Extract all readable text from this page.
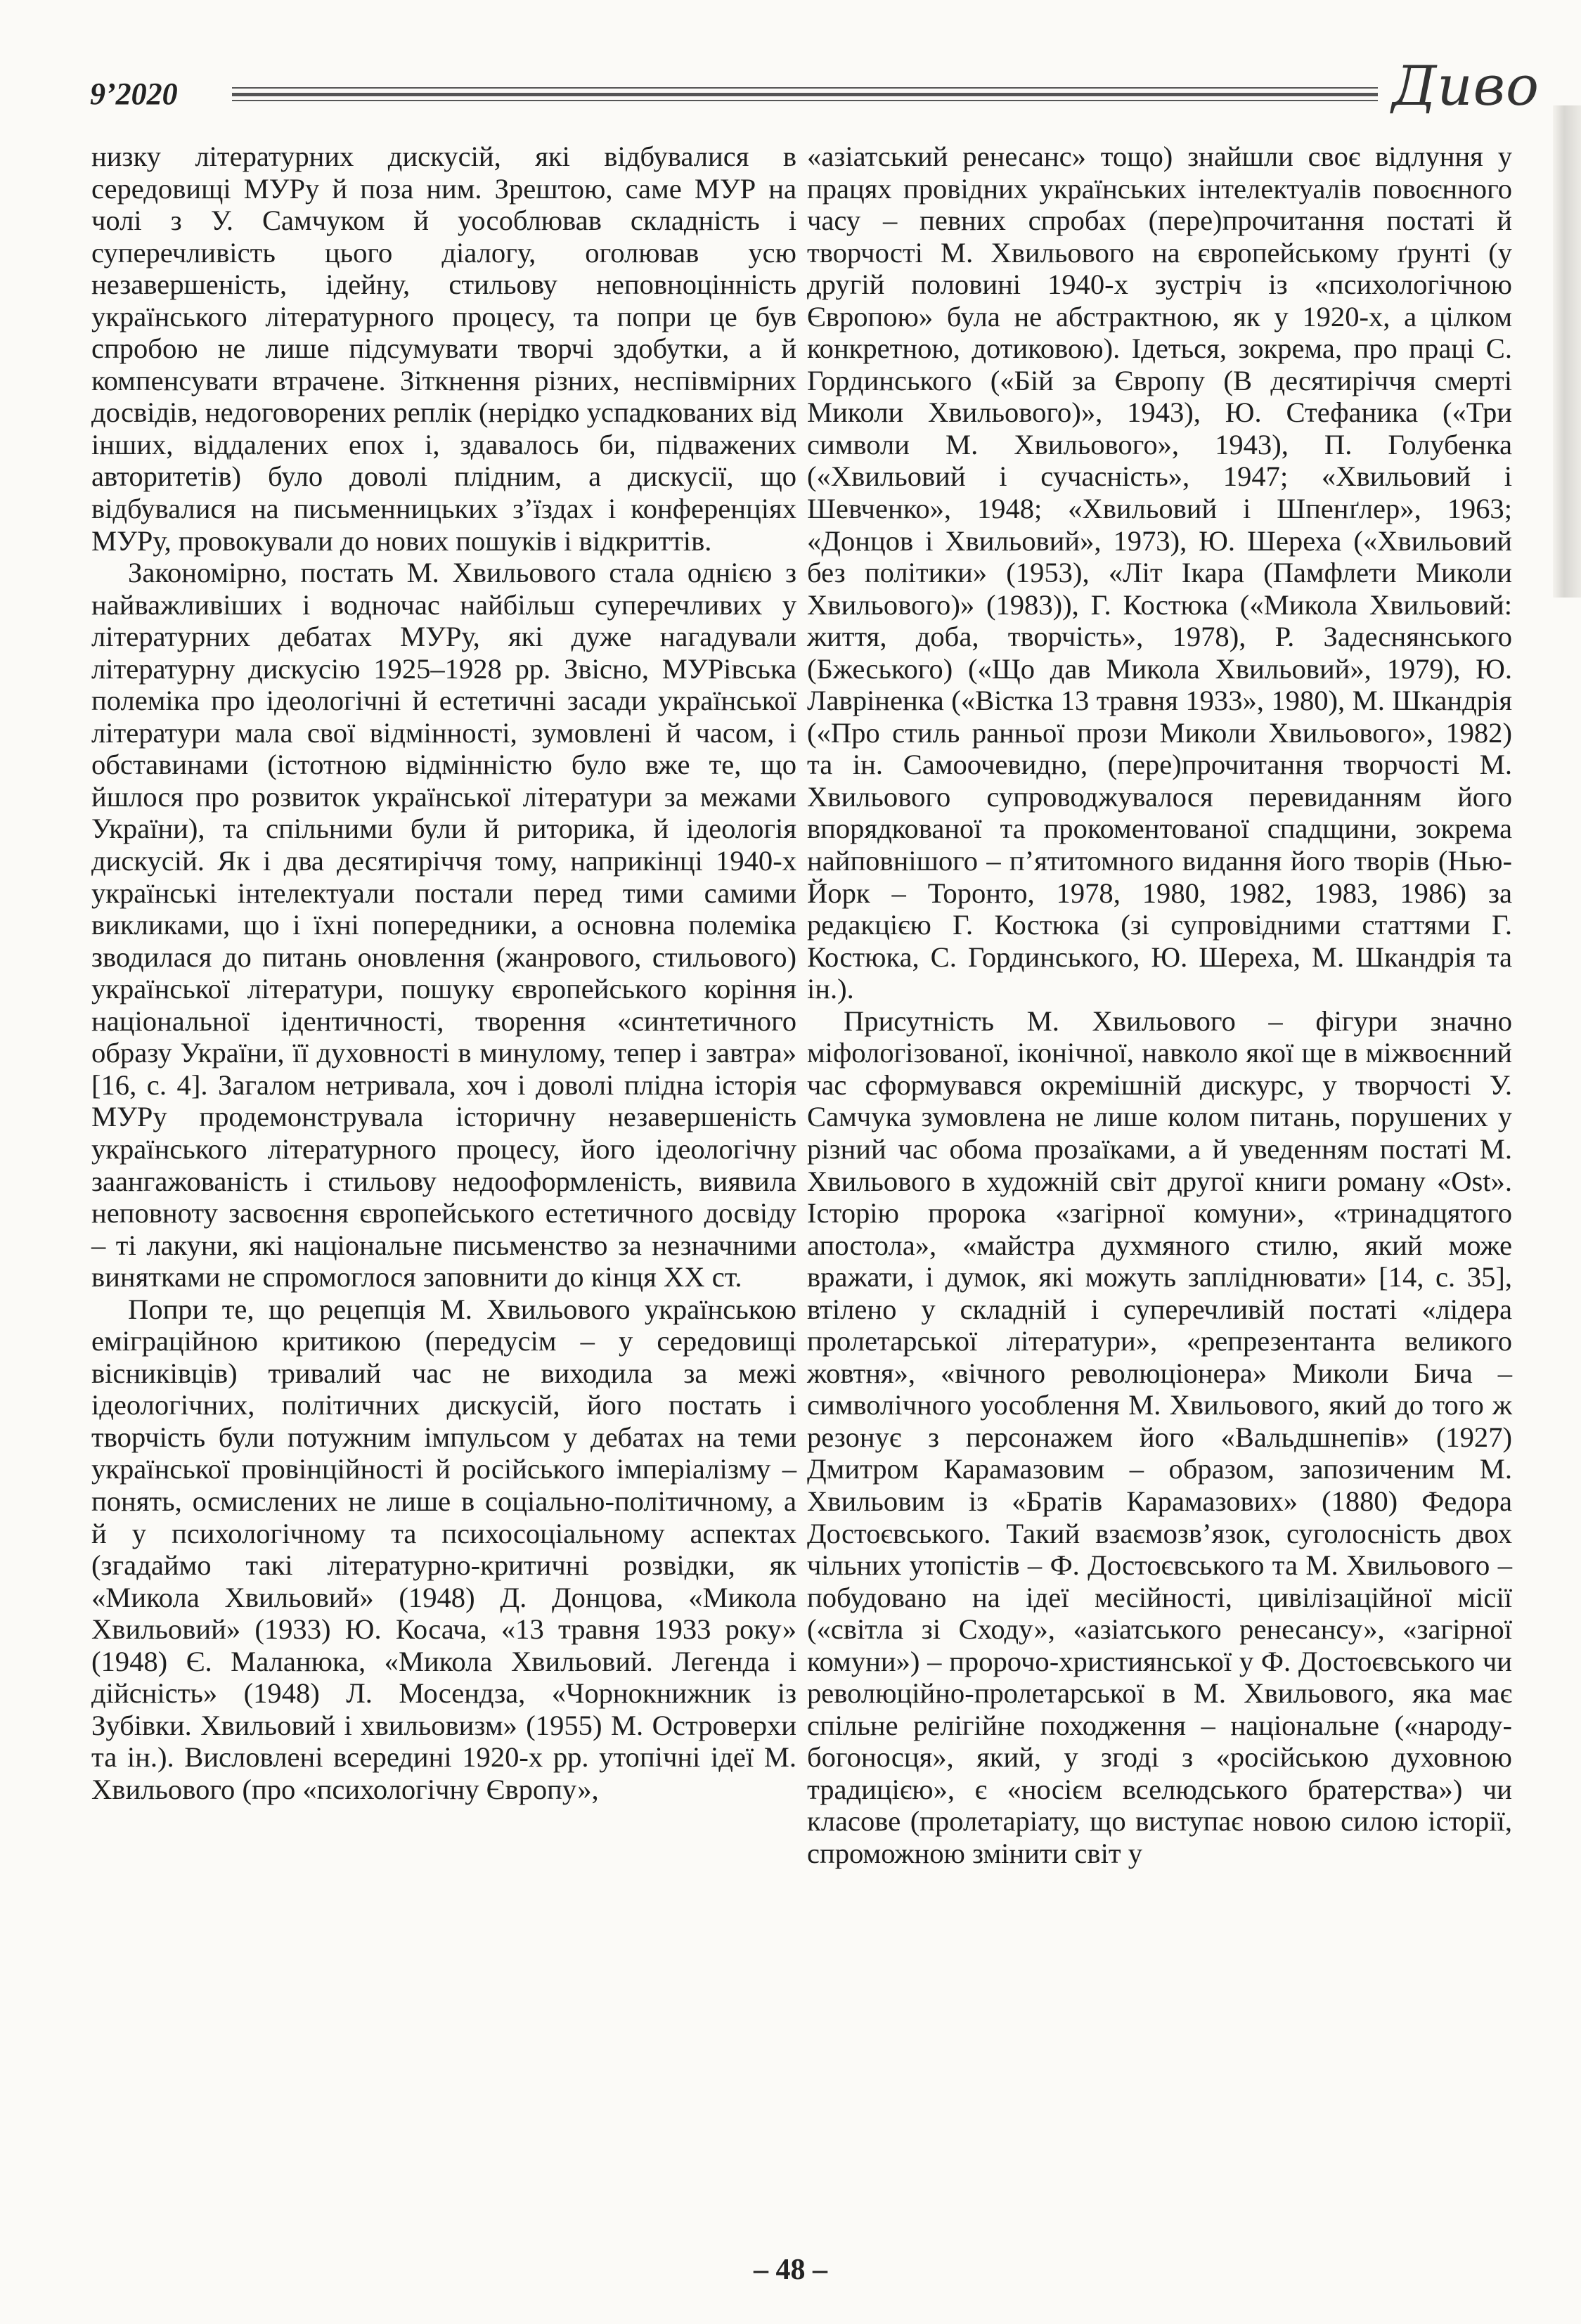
9’2020	Дивo

низку літературних дискусій, які відбувалися в середовищі МУРу й поза ним. Зрештою, саме МУР на чолі з У. Самчуком й уособлював складність і суперечливість цього діалогу, оголював усю незавершеність, ідейну, стильову неповноцінність українського літературного процесу, та попри це був спробою не лише підсумувати творчі здобутки, а й компенсувати втрачене. Зіткнення різних, неспівмірних досвідів, недоговорених реплік (нерідко успадкованих від інших, віддалених епох і, здавалось би, підважених авторитетів) було доволі плідним, а дискусії, що відбувалися на письменницьких з’їздах і конференціях МУРу, провокували до нових пошуків і відкриттів.

Закономірно, постать М. Хвильового стала однією з найважливіших і водночас найбільш суперечливих у літературних дебатах МУРу, які дуже нагадували літературну дискусію 1925–1928 рр. Звісно, МУРівська полеміка про ідеологічні й естетичні засади української літератури мала свої відмінності, зумовлені й часом, і обставинами (істотною відмінністю було вже те, що йшлося про розвиток української літератури за межами України), та спільними були й риторика, й ідеологія дискусій. Як і два десятиріччя тому, наприкінці 1940-х українські інтелектуали постали перед тими самими викликами, що і їхні попередники, а основна полеміка зводилася до питань оновлення (жанрового, стильового) української літератури, пошуку європейського коріння національної ідентичності, творення «синтетичного образу України, її духовності в минулому, тепер і завтра» [16, с. 4]. Загалом нетривала, хоч і доволі плідна історія МУРу продемонструвала історичну незавершеність українського літературного процесу, його ідеологічну заангажованість і стильову недооформленість, виявила неповноту засвоєння європейського естетичного досвіду – ті лакуни, які національне письменство за незначними винятками не спромоглося заповнити до кінця XX ст.

Попри те, що рецепція М. Хвильового українською еміграційною критикою (передусім – у середовищі вісниківців) тривалий час не виходила за межі ідеологічних, політичних дискусій, його постать і творчість були потужним імпульсом у дебатах на теми української провінційності й російського імперіалізму – понять, осмислених не лише в соціально-політичному, а й у психологічному та психосоціальному аспектах (згадаймо такі літературно-критичні розвідки, як «Микола Хвильовий» (1948) Д. Донцова, «Микола Хвильовий» (1933) Ю. Косача, «13 травня 1933 року» (1948) Є. Маланюка, «Микола Хвильовий. Легенда і дійсність» (1948) Л. Мосендза, «Чорнокнижник із Зубівки. Хвильовий і хвильовизм» (1955) М. Островерхи та ін.). Висловлені всередині 1920-х рр. утопічні ідеї М. Хвильового (про «психологічну Європу»,

«азіатський ренесанс» тощо) знайшли своє відлуння у працях провідних українських інтелектуалів повоєнного часу – певних спробах (пере)прочитання постаті й творчості М. Хвильового на європейському ґрунті (у другій половині 1940-х зустріч із «психологічною Європою» була не абстрактною, як у 1920-х, а цілком конкретною, дотиковою). Ідеться, зокрема, про праці С. Гординського («Бій за Європу (В десятиріччя смерті Миколи Хвильового)», 1943), Ю. Стефаника («Три символи М. Хвильового», 1943), П. Голубенка («Хвильовий і сучасність», 1947; «Хвильовий і Шевченко», 1948; «Хвильовий і Шпенґлер», 1963; «Донцов і Хвильовий», 1973), Ю. Шереха («Хвильовий без політики» (1953), «Літ Ікара (Памфлети Миколи Хвильового)» (1983)), Г. Костюка («Микола Хвильовий: життя, доба, творчість», 1978), Р. Задеснянського (Бжеського) («Що дав Микола Хвильовий», 1979), Ю. Лавріненка («Вістка 13 травня 1933», 1980), М. Шкандрія («Про стиль ранньої прози Миколи Хвильового», 1982) та ін. Самоочевидно, (пере)прочитання творчості М. Хвильового супроводжувалося перевиданням його впорядкованої та прокоментованої спадщини, зокрема найповнішого – п’ятитомного видання його творів (Нью-Йорк – Торонто, 1978, 1980, 1982, 1983, 1986) за редакцією Г. Костюка (зі супровідними статтями Г. Костюка, С. Гординського, Ю. Шереха, М. Шкандрія та ін.).

Присутність М. Хвильового – фігури значно міфологізованої, іконічної, навколо якої ще в міжвоєнний час сформувався окремішній дискурс, у творчості У. Самчука зумовлена не лише колом питань, порушених у різний час обома прозаїками, а й уведенням постаті М. Хвильового в художній світ другої книги роману «Ost». Історію пророка «загірної комуни», «тринадцятого апостола», «майстра духмяного стилю, який може вражати, і думок, які можуть запліднювати» [14, с. 35], втілено у складній і суперечливій постаті «лідера пролетарської літератури», «репрезентанта великого жовтня», «вічного революціонера» Миколи Бича – символічного уособлення М. Хвильового, який до того ж резонує з персонажем його «Вальдшнепів» (1927) Дмитром Карамазовим – образом, запозиченим М. Хвильовим із «Братів Карамазових» (1880) Федора Достоєвського. Такий взаємозв’язок, суголосність двох чільних утопістів – Ф. Достоєвського та М. Хвильового – побудовано на ідеї месійності, цивілізаційної місії («світла зі Сходу», «азіатського ренесансу», «загірної комуни») – пророчо-християнської у Ф. Достоєвського чи революційно-пролетарської в М. Хвильового, яка має спільне релігійне походження – національне («народу-богоносця», який, у згоді з «російською духовною традицією», є «носієм вселюдського братерства») чи класове (пролетаріату, що виступає новою силою історії, спроможною змінити світ у

– 48 –
